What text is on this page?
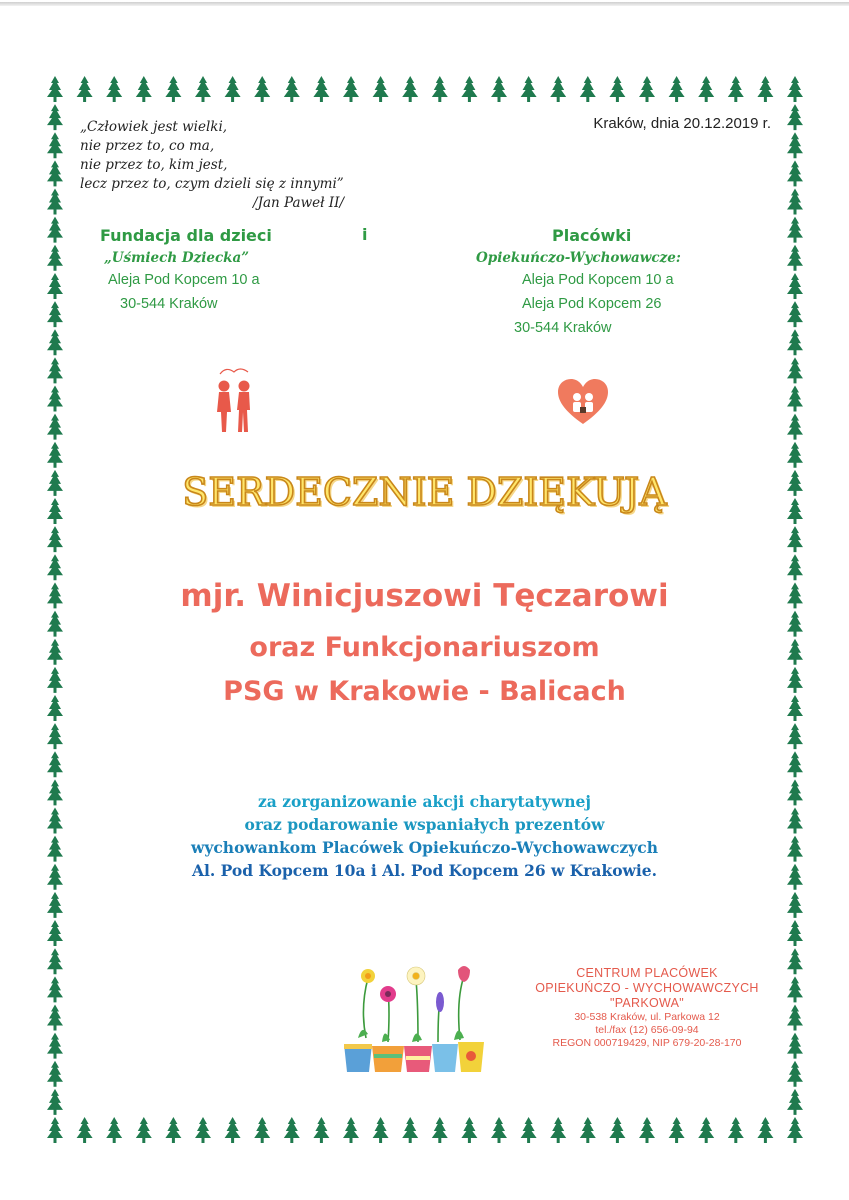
„Człowiek jest wielki,
nie przez to, co ma,
nie przez to, kim jest,
lecz przez to, czym dzieli się z innymi”
/Jan Paweł II/
Kraków, dnia 20.12.2019 r.
Fundacja dla dzieci
„Uśmiech Dziecka”
Aleja Pod Kopcem 10 a
30-544 Kraków
i	Placówki
Opiekuńczo-Wychowawcze:
Aleja Pod Kopcem 10 a
Aleja Pod Kopcem 26
30-544 Kraków
SERDECZNIE DZIĘKUJĄ
mjr. Winicjuszowi Tęczarowi
oraz Funkcjonariuszom
PSG w Krakowie - Balicach
za zorganizowanie akcji charytatywnej
oraz podarowanie wspaniałych prezentów
wychowankom Placówek Opiekuńczo-Wychowawczych
Al. Pod Kopcem 10a i Al. Pod Kopcem 26 w Krakowie.
CENTRUM PLACÓWEK
OPIEKUŃCZO - WYCHOWAWCZYCH
"PARKOWA"
30-538 Kraków, ul. Parkowa 12
tel./fax (12) 656-09-94
REGON 000719429, NIP 679-20-28-170
